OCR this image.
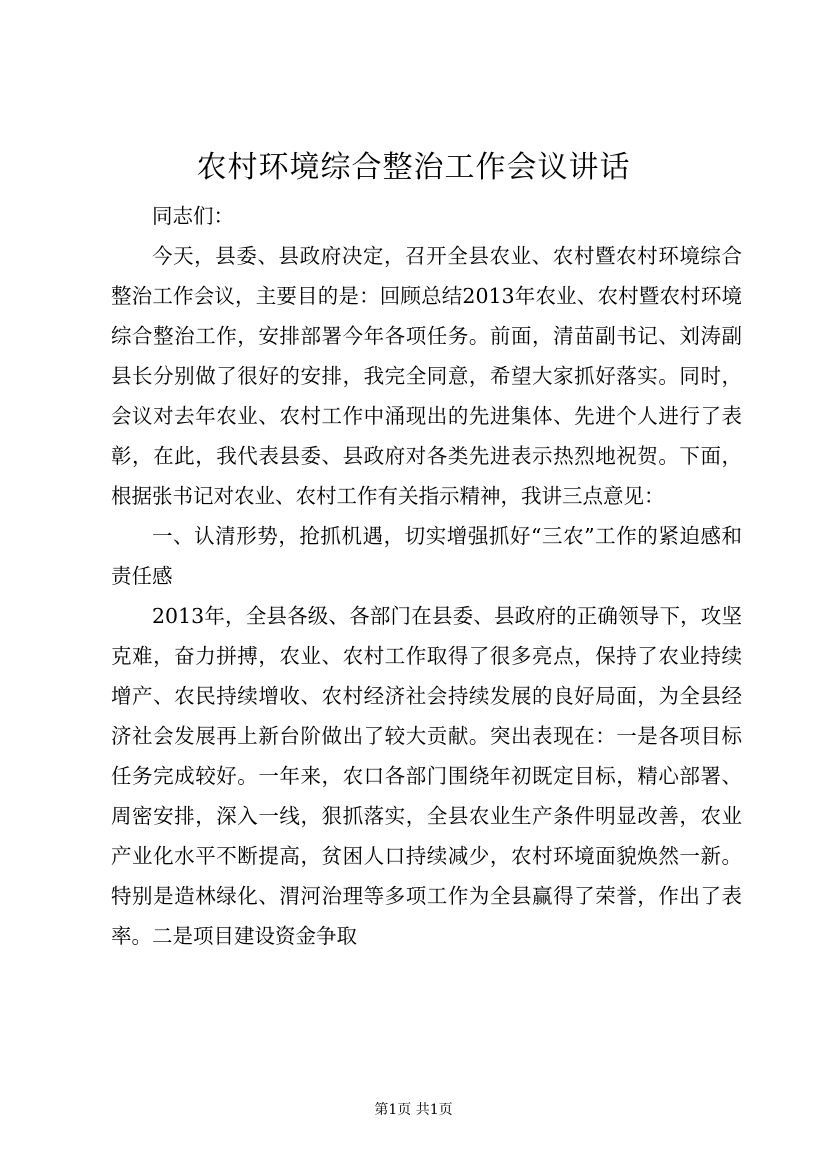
农村环境综合整治工作会议讲话

同志们：

今天，县委、县政府决定，召开全县农业、农村暨农村环境综合整治工作会议，主要目的是：回顾总结2013年农业、农村暨农村环境综合整治工作，安排部署今年各项任务。前面，清苗副书记、刘涛副县长分别做了很好的安排，我完全同意，希望大家抓好落实。同时，会议对去年农业、农村工作中涌现出的先进集体、先进个人进行了表彰，在此，我代表县委、县政府对各类先进表示热烈地祝贺。下面，根据张书记对农业、农村工作有关指示精神，我讲三点意见：

一、认清形势，抢抓机遇，切实增强抓好“三农”工作的紧迫感和责任感

2013年，全县各级、各部门在县委、县政府的正确领导下，攻坚克难，奋力拼搏，农业、农村工作取得了很多亮点，保持了农业持续增产、农民持续增收、农村经济社会持续发展的良好局面，为全县经济社会发展再上新台阶做出了较大贡献。突出表现在：一是各项目标任务完成较好。一年来，农口各部门围绕年初既定目标，精心部署、周密安排，深入一线，狠抓落实，全县农业生产条件明显改善，农业产业化水平不断提高，贫困人口持续减少，农村环境面貌焕然一新。特别是造林绿化、渭河治理等多项工作为全县赢得了荣誉，作出了表率。二是项目建设资金争取

第1页 共1页
